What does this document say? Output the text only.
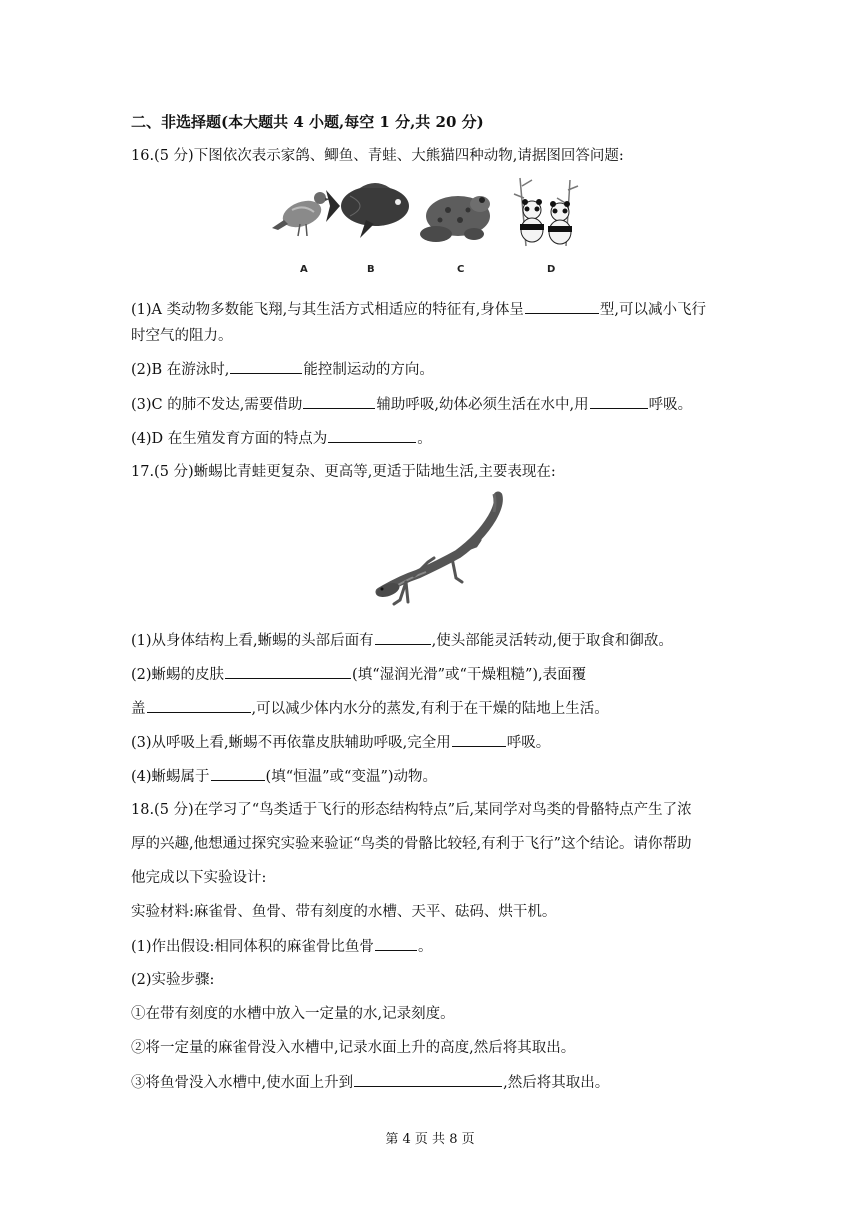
二、非选择题(本大题共 4 小题,每空 1 分,共 20 分)
16.(5 分)下图依次表示家鸽、鲫鱼、青蛙、大熊猫四种动物,请据图回答问题:
A	B	C	D
(1)A 类动物多数能飞翔,与其生活方式相适应的特征有,身体呈	型,可以减小飞行
时空气的阻力。
(2)B 在游泳时,	能控制运动的方向。
(3)C 的肺不发达,需要借助	辅助呼吸,幼体必须生活在水中,用	呼吸。
(4)D 在生殖发育方面的特点为	。
17.(5 分)蜥蜴比青蛙更复杂、更高等,更适于陆地生活,主要表现在:
(1)从身体结构上看,蜥蜴的头部后面有	,使头部能灵活转动,便于取食和御敌。
(2)蜥蜴的皮肤	(填“湿润光滑”或“干燥粗糙”),表面覆
盖	,可以减少体内水分的蒸发,有利于在干燥的陆地上生活。
(3)从呼吸上看,蜥蜴不再依靠皮肤辅助呼吸,完全用	呼吸。
(4)蜥蜴属于	(填“恒温”或“变温”)动物。
18.(5 分)在学习了“鸟类适于飞行的形态结构特点”后,某同学对鸟类的骨骼特点产生了浓
厚的兴趣,他想通过探究实验来验证“鸟类的骨骼比较轻,有利于飞行”这个结论。请你帮助
他完成以下实验设计:
实验材料:麻雀骨、鱼骨、带有刻度的水槽、天平、砝码、烘干机。
(1)作出假设:相同体积的麻雀骨比鱼骨	。
(2)实验步骤:
①在带有刻度的水槽中放入一定量的水,记录刻度。
②将一定量的麻雀骨没入水槽中,记录水面上升的高度,然后将其取出。
③将鱼骨没入水槽中,使水面上升到	,然后将其取出。
第 4 页 共 8 页
